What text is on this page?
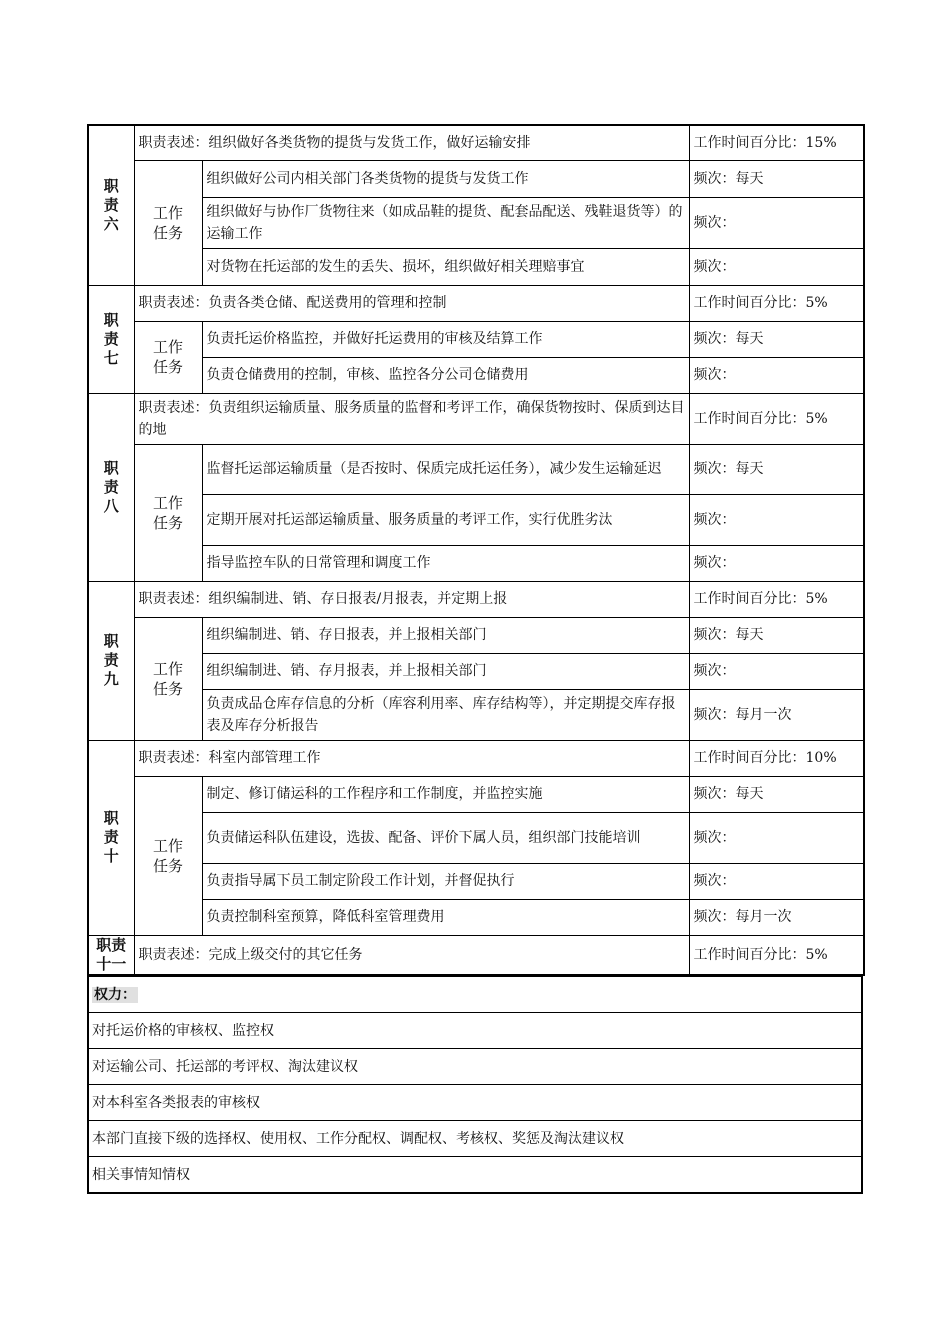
职
责
六	职责表述：组织做好各类货物的提货与发货工作，做好运输安排		工作时间百分比：15%
	工作
任务	组织做好公司内相关部门各类货物的提货与发货工作	频次：每天
		组织做好与协作厂货物往来（如成品鞋的提货、配套品配送、残鞋退货等）的运输工作	频次：
		对货物在托运部的发生的丢失、损坏，组织做好相关理赔事宜	频次：
职
责
七	职责表述：负责各类仓储、配送费用的管理和控制		工作时间百分比：5%
	工作
任务	负责托运价格监控，并做好托运费用的审核及结算工作	频次：每天
		负责仓储费用的控制，审核、监控各分公司仓储费用	频次：
职
责
八	职责表述：负责组织运输质量、服务质量的监督和考评工作，确保货物按时、保质到达目的地		工作时间百分比：5%
	工作
任务	监督托运部运输质量（是否按时、保质完成托运任务），减少发生运输延迟	频次：每天
		定期开展对托运部运输质量、服务质量的考评工作，实行优胜劣汰	频次：
		指导监控车队的日常管理和调度工作	频次：
职
责
九	职责表述：组织编制进、销、存日报表/月报表，并定期上报		工作时间百分比：5%
	工作
任务	组织编制进、销、存日报表，并上报相关部门	频次：每天
		组织编制进、销、存月报表，并上报相关部门	频次：
		负责成品仓库存信息的分析（库容利用率、库存结构等），并定期提交库存报表及库存分析报告	频次：每月一次
职
责
十	职责表述：科室内部管理工作		工作时间百分比：10%
	工作
任务	制定、修订储运科的工作程序和工作制度，并监控实施	频次：每天
		负责储运科队伍建设，选拔、配备、评价下属人员，组织部门技能培训	频次：
		负责指导属下员工制定阶段工作计划，并督促执行	频次：
		负责控制科室预算，降低科室管理费用	频次：每月一次
职责
十一	职责表述：完成上级交付的其它任务		工作时间百分比：5%
权力：
对托运价格的审核权、监控权
对运输公司、托运部的考评权、淘汰建议权
对本科室各类报表的审核权
本部门直接下级的选择权、使用权、工作分配权、调配权、考核权、奖惩及淘汰建议权
相关事情知情权
